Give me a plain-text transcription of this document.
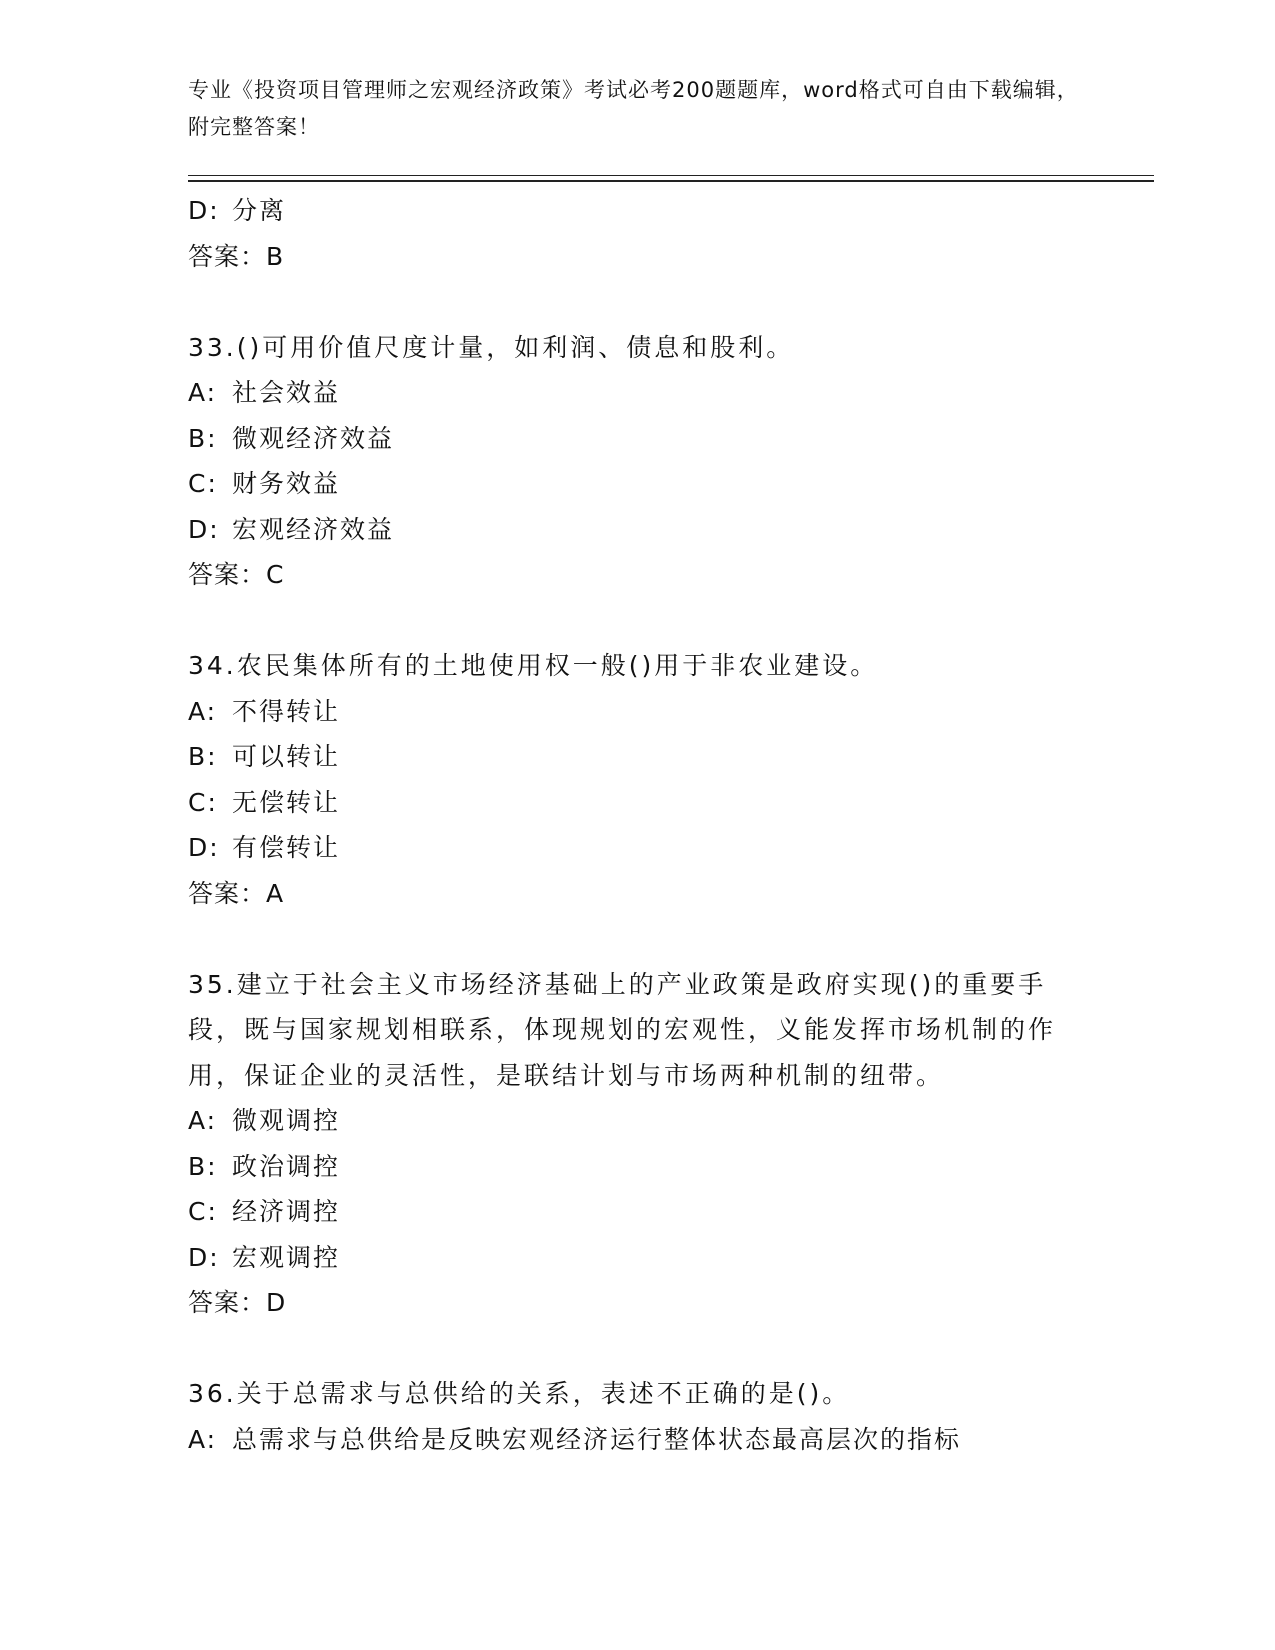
专业《投资项目管理师之宏观经济政策》考试必考200题题库，word格式可自由下载编辑，附完整答案！
D: 分离
答案：B
33.()可用价值尺度计量，如利润、债息和股利。
A: 社会效益
B: 微观经济效益
C: 财务效益
D: 宏观经济效益
答案：C
34.农民集体所有的土地使用权一般()用于非农业建设。
A: 不得转让
B: 可以转让
C: 无偿转让
D: 有偿转让
答案：A
35.建立于社会主义市场经济基础上的产业政策是政府实现()的重要手段，既与国家规划相联系，体现规划的宏观性，义能发挥市场机制的作用，保证企业的灵活性，是联结计划与市场两种机制的纽带。
A: 微观调控
B: 政治调控
C: 经济调控
D: 宏观调控
答案：D
36.关于总需求与总供给的关系，表述不正确的是()。
A: 总需求与总供给是反映宏观经济运行整体状态最高层次的指标
